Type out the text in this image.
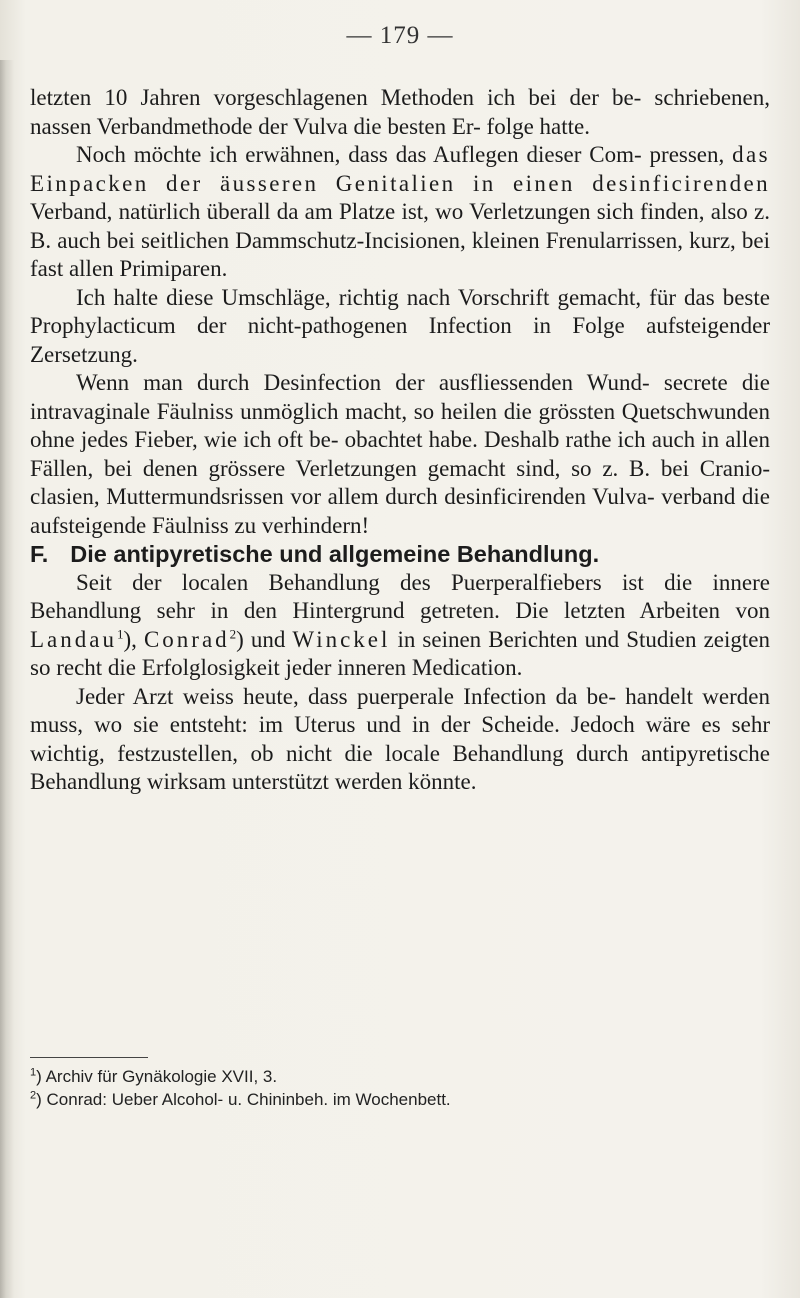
— 179 —

letzten 10 Jahren vorgeschlagenen Methoden ich bei der be- schriebenen, nassen Verbandmethode der Vulva die besten Er- folge hatte.

Noch möchte ich erwähnen, dass das Auflegen dieser Com- pressen, das Einpacken der äusseren Genitalien in einen desinficirenden Verband, natürlich überall da am Platze ist, wo Verletzungen sich finden, also z. B. auch bei seitlichen Dammschutz-Incisionen, kleinen Frenularrissen, kurz, bei fast allen Primiparen.

Ich halte diese Umschläge, richtig nach Vorschrift gemacht, für das beste Prophylacticum der nicht-pathogenen Infection in Folge aufsteigender Zersetzung.

Wenn man durch Desinfection der ausfliessenden Wund- secrete die intravaginale Fäulniss unmöglich macht, so heilen die grössten Quetschwunden ohne jedes Fieber, wie ich oft be- obachtet habe. Deshalb rathe ich auch in allen Fällen, bei denen grössere Verletzungen gemacht sind, so z. B. bei Cranio- clasien, Muttermundsrissen vor allem durch desinficirenden Vulva- verband die aufsteigende Fäulniss zu verhindern!

F. Die antipyretische und allgemeine Behandlung.

Seit der localen Behandlung des Puerperalfiebers ist die innere Behandlung sehr in den Hintergrund getreten. Die letzten Arbeiten von Landau$^1$), Conrad$^2$) und Winckel in seinen Berichten und Studien zeigten so recht die Erfolglosigkeit jeder inneren Medication.

Jeder Arzt weiss heute, dass puerperale Infection da be- handelt werden muss, wo sie entsteht: im Uterus und in der Scheide. Jedoch wäre es sehr wichtig, festzustellen, ob nicht die locale Behandlung durch antipyretische Behandlung wirksam unterstützt werden könnte.

$^1$) Archiv für Gynäkologie XVII, 3.
$^2$) Conrad: Ueber Alcohol- u. Chininbeh. im Wochenbett.
